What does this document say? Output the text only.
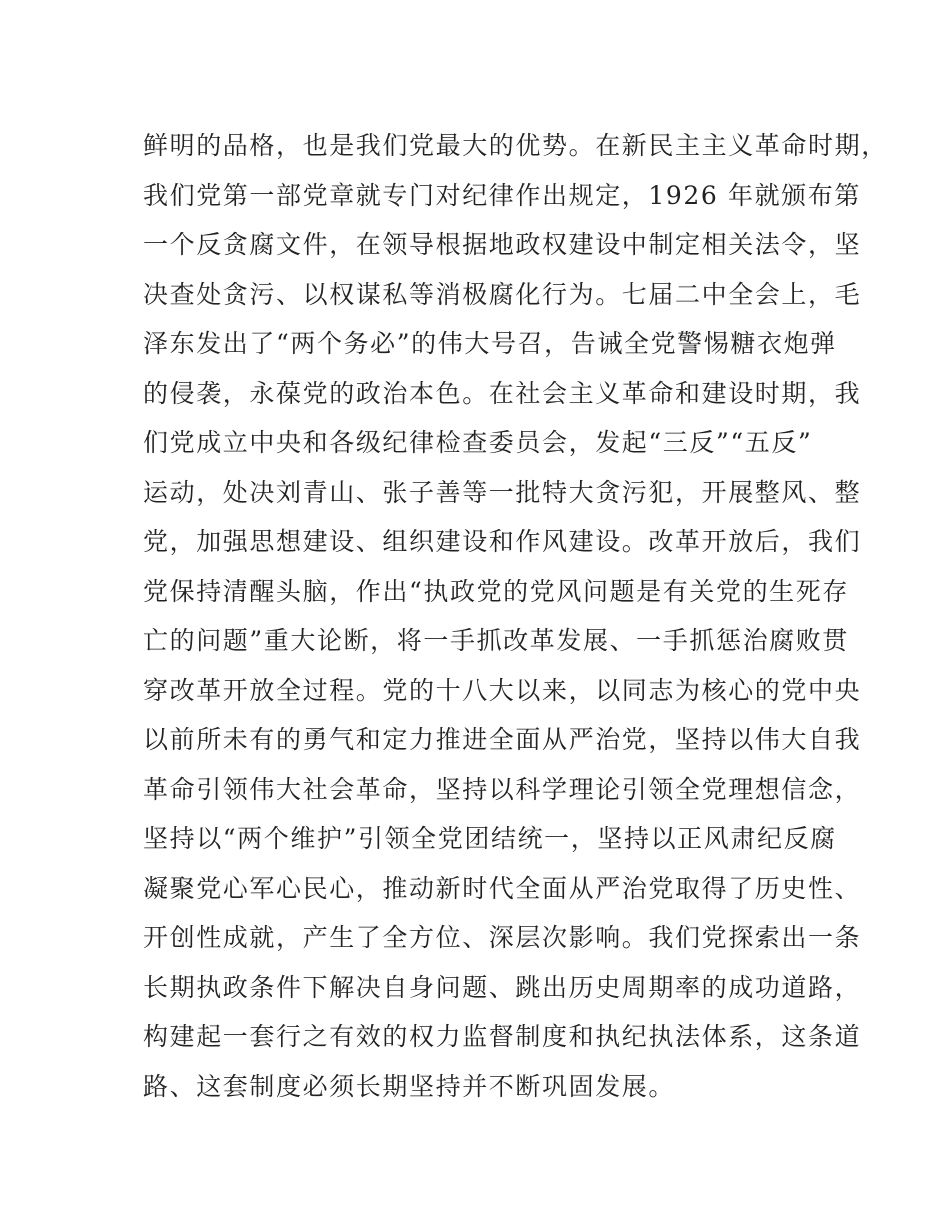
鲜明的品格，也是我们党最大的优势。在新民主主义革命时期，
我们党第一部党章就专门对纪律作出规定，1926 年就颁布第
一个反贪腐文件，在领导根据地政权建设中制定相关法令，坚
决查处贪污、以权谋私等消极腐化行为。七届二中全会上，毛
泽东发出了“两个务必”的伟大号召，告诫全党警惕糖衣炮弹
的侵袭，永葆党的政治本色。在社会主义革命和建设时期，我
们党成立中央和各级纪律检查委员会，发起“三反”“五反”
运动，处决刘青山、张子善等一批特大贪污犯，开展整风、整
党，加强思想建设、组织建设和作风建设。改革开放后，我们
党保持清醒头脑，作出“执政党的党风问题是有关党的生死存
亡的问题”重大论断，将一手抓改革发展、一手抓惩治腐败贯
穿改革开放全过程。党的十八大以来，以同志为核心的党中央
以前所未有的勇气和定力推进全面从严治党，坚持以伟大自我
革命引领伟大社会革命，坚持以科学理论引领全党理想信念，
坚持以“两个维护”引领全党团结统一，坚持以正风肃纪反腐
凝聚党心军心民心，推动新时代全面从严治党取得了历史性、
开创性成就，产生了全方位、深层次影响。我们党探索出一条
长期执政条件下解决自身问题、跳出历史周期率的成功道路，
构建起一套行之有效的权力监督制度和执纪执法体系，这条道
路、这套制度必须长期坚持并不断巩固发展。
